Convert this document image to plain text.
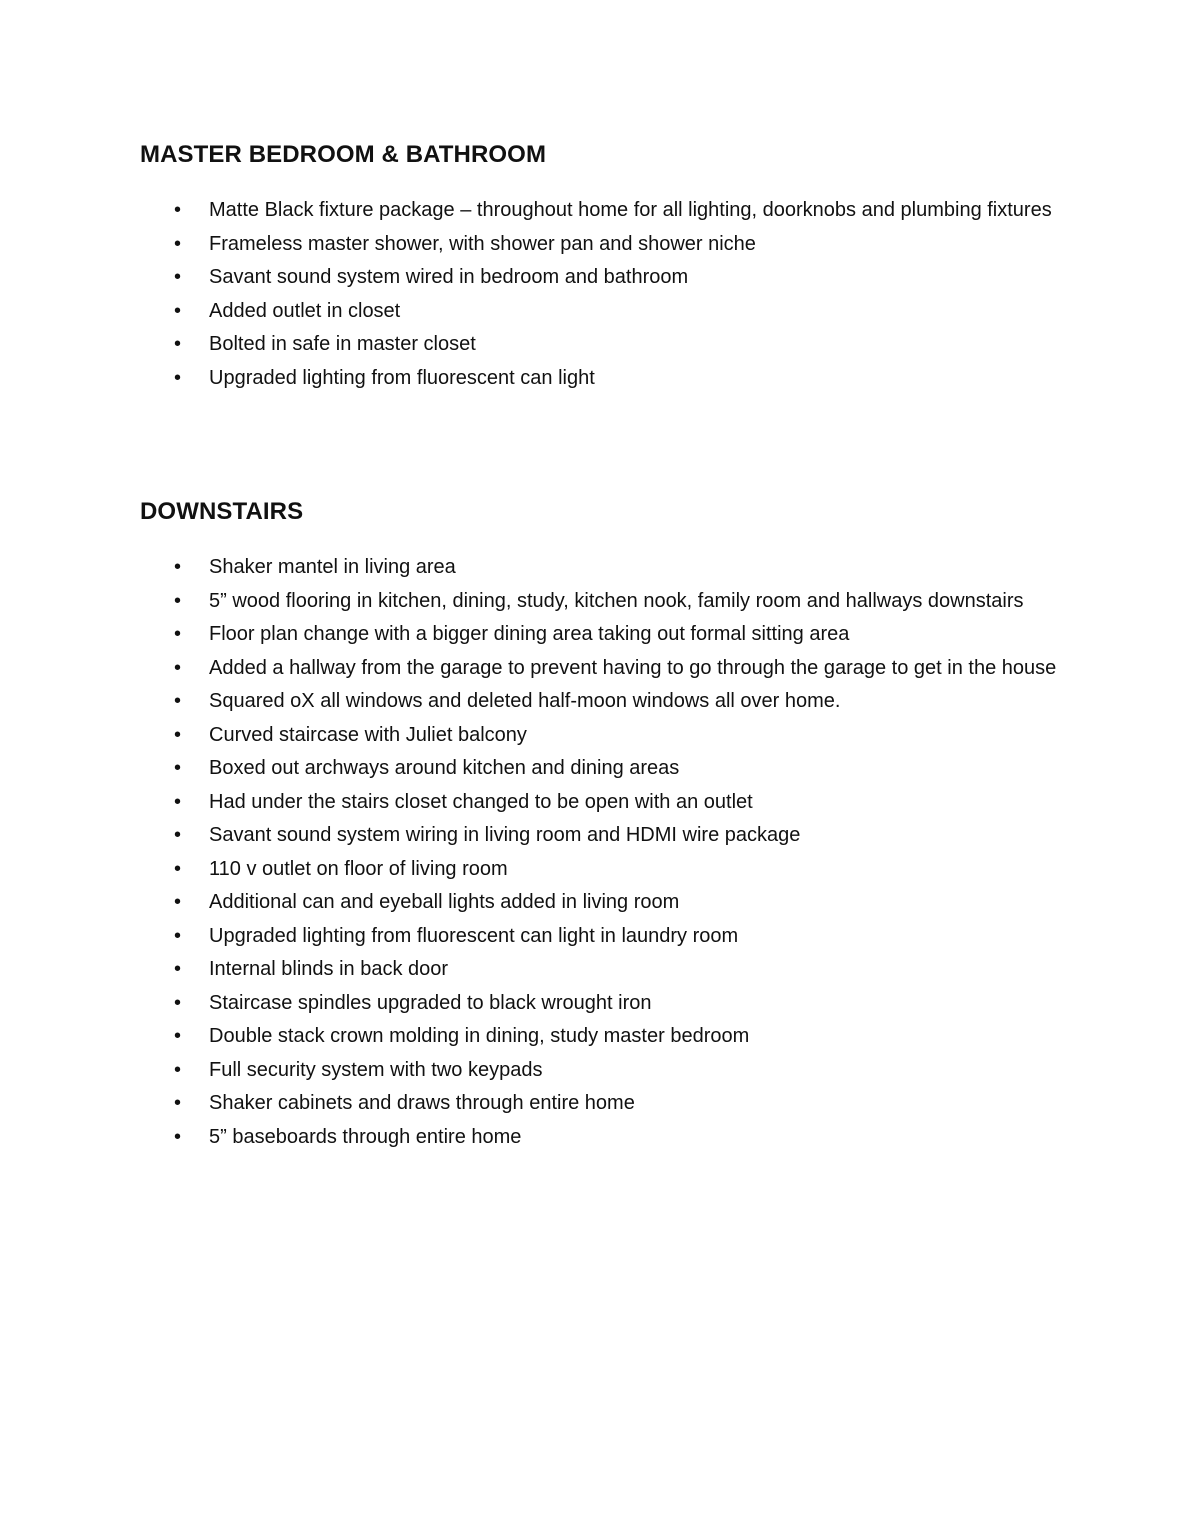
MASTER BEDROOM & BATHROOM
• Matte Black fixture package – throughout home for all lighting, doorknobs and plumbing fixtures
• Frameless master shower, with shower pan and shower niche
• Savant sound system wired in bedroom and bathroom
• Added outlet in closet
• Bolted in safe in master closet
• Upgraded lighting from fluorescent can light
DOWNSTAIRS
• Shaker mantel in living area
• 5” wood flooring in kitchen, dining, study, kitchen nook, family room and hallways downstairs
• Floor plan change with a bigger dining area taking out formal sitting area
• Added a hallway from the garage to prevent having to go through the garage to get in the house
• Squared oX all windows and deleted half-moon windows all over home.
• Curved staircase with Juliet balcony
• Boxed out archways around kitchen and dining areas
• Had under the stairs closet changed to be open with an outlet
• Savant sound system wiring in living room and HDMI wire package
• 110 v outlet on floor of living room
• Additional can and eyeball lights added in living room
• Upgraded lighting from fluorescent can light in laundry room
• Internal blinds in back door
• Staircase spindles upgraded to black wrought iron
• Double stack crown molding in dining, study master bedroom
• Full security system with two keypads
• Shaker cabinets and draws through entire home
• 5” baseboards through entire home
